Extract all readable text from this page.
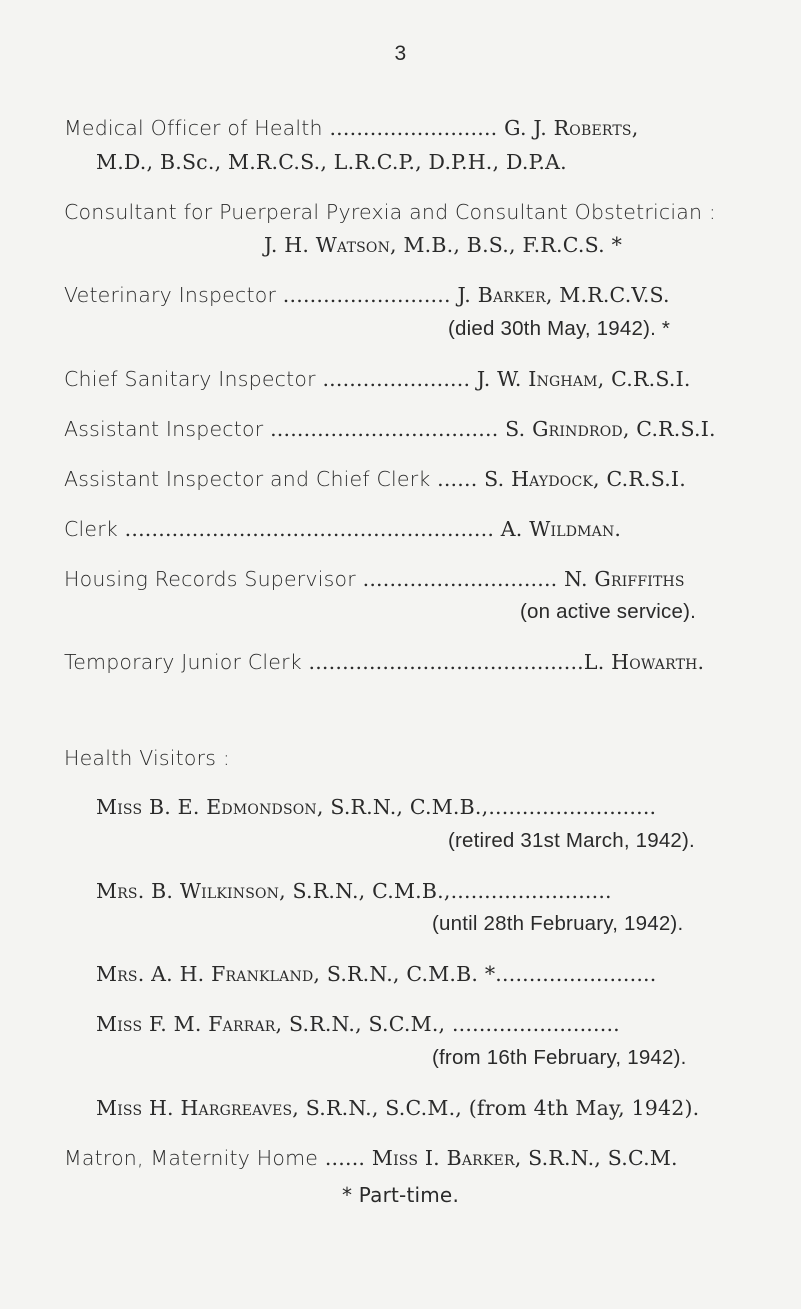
3
Medical Officer of Health ......................... G. J. Roberts,
M.D., B.Sc., M.R.C.S., L.R.C.P., D.P.H., D.P.A.
Consultant for Puerperal Pyrexia and Consultant Obstetrician :
J. H. Watson, M.B., B.S., F.R.C.S. *
Veterinary Inspector ......................... J. Barker, M.R.C.V.S.
(died 30th May, 1942). *
Chief Sanitary Inspector ...................... J. W. Ingham, C.R.S.I.
Assistant Inspector .................................. S. Grindrod, C.R.S.I.
Assistant Inspector and Chief Clerk ...... S. Haydock, C.R.S.I.
Clerk ....................................................... A. Wildman.
Housing Records Supervisor ............................. N. Griffiths
(on active service).
Temporary Junior Clerk .........................................L. Howarth.
Health Visitors :
Miss B. E. Edmondson, S.R.N., C.M.B.,.........................
(retired 31st March, 1942).
Mrs. B. Wilkinson, S.R.N., C.M.B.,........................
(until 28th February, 1942).
Mrs. A. H. Frankland, S.R.N., C.M.B. *........................
Miss F. M. Farrar, S.R.N., S.C.M., .........................
(from 16th February, 1942).
Miss H. Hargreaves, S.R.N., S.C.M., (from 4th May, 1942).
Matron, Maternity Home ...... Miss I. Barker, S.R.N., S.C.M.
* Part-time.
